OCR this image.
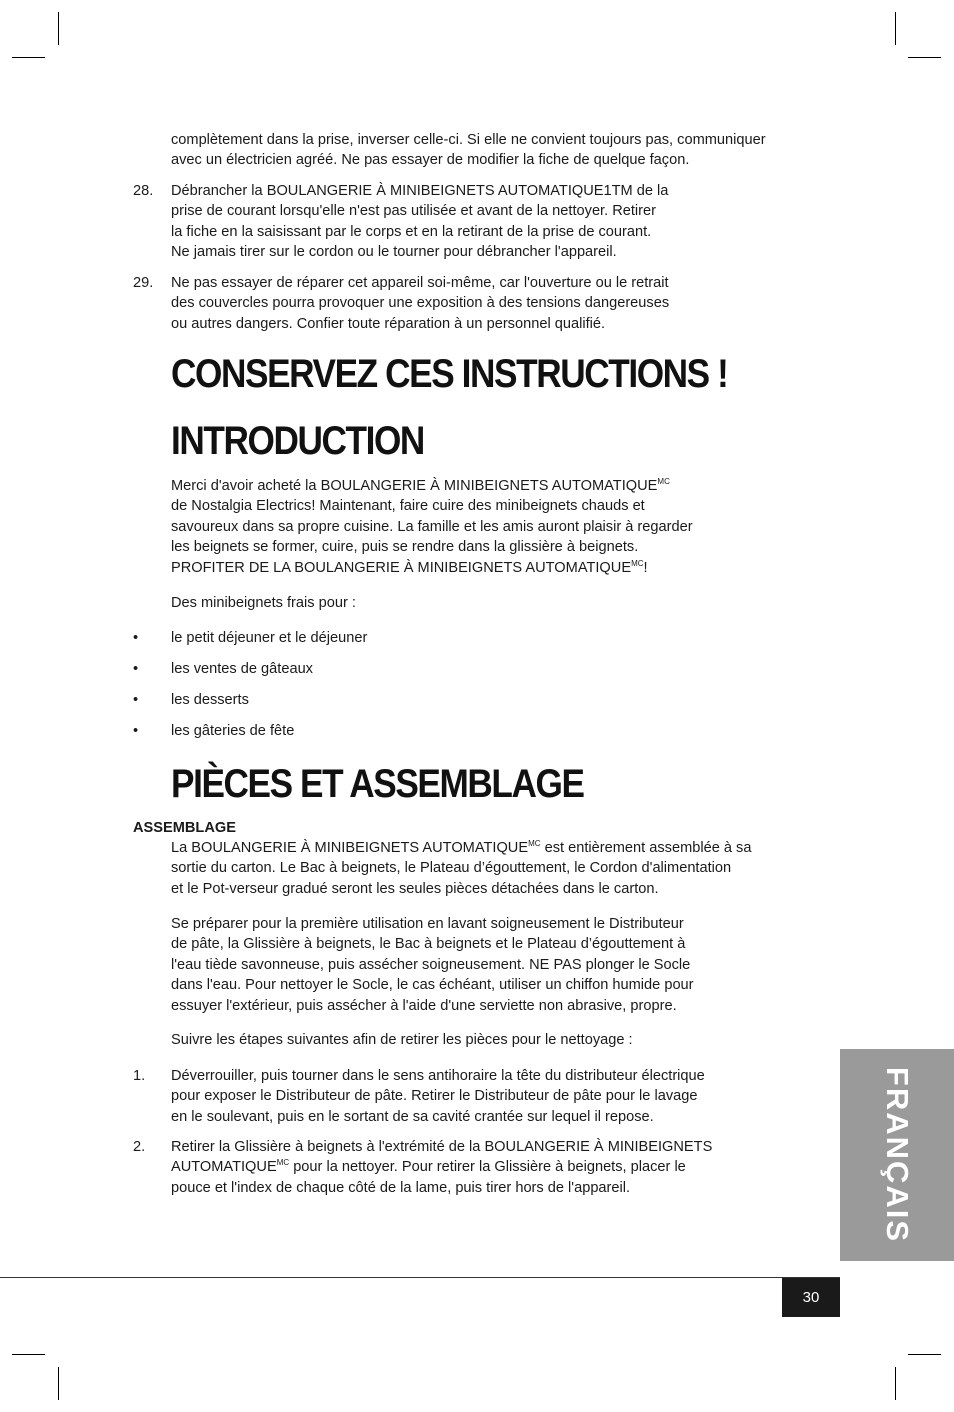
complètement dans la prise, inverser celle-ci. Si elle ne convient toujours pas, communiquer
avec un électricien agréé. Ne pas essayer de modifier la fiche de quelque façon.
28. Débrancher la BOULANGERIE À MINIBEIGNETS AUTOMATIQUE1TM de la
prise de courant lorsqu'elle n'est pas utilisée et avant de la nettoyer. Retirer
la fiche en la saisissant par le corps et en la retirant de la prise de courant.
Ne jamais tirer sur le cordon ou le tourner pour débrancher l'appareil.
29. Ne pas essayer de réparer cet appareil soi-même, car l'ouverture ou le retrait
des couvercles pourra provoquer une exposition à des tensions dangereuses
ou autres dangers. Confier toute réparation à un personnel qualifié.
CONSERVEZ CES INSTRUCTIONS !
INTRODUCTION
Merci d'avoir acheté la BOULANGERIE À MINIBEIGNETS $AUTOMATIQUE^{MC}$
de Nostalgia Electrics! Maintenant, faire cuire des minibeignets chauds et
savoureux dans sa propre cuisine. La famille et les amis auront plaisir à regarder
les beignets se former, cuire, puis se rendre dans la glissière à beignets.
PROFITER DE LA BOULANGERIE À MINIBEIGNETS $AUTOMATIQUE^{MC}$!
Des minibeignets frais pour :
• le petit déjeuner et le déjeuner
• les ventes de gâteaux
• les desserts
• les gâteries de fête
PIÈCES ET ASSEMBLAGE
ASSEMBLAGE
La BOULANGERIE À MINIBEIGNETS $AUTOMATIQUE^{MC}$ est entièrement assemblée à sa
sortie du carton. Le Bac à beignets, le Plateau d’égouttement, le Cordon d'alimentation
et le Pot-verseur gradué seront les seules pièces détachées dans le carton.
Se préparer pour la première utilisation en lavant soigneusement le Distributeur
de pâte, la Glissière à beignets, le Bac à beignets et le Plateau d’égouttement à
l'eau tiède savonneuse, puis assécher soigneusement. NE PAS plonger le Socle
dans l'eau. Pour nettoyer le Socle, le cas échéant, utiliser un chiffon humide pour
essuyer l'extérieur, puis assécher à l'aide d'une serviette non abrasive, propre.
Suivre les étapes suivantes afin de retirer les pièces pour le nettoyage :
1. Déverrouiller, puis tourner dans le sens antihoraire la tête du distributeur électrique
pour exposer le Distributeur de pâte. Retirer le Distributeur de pâte pour le lavage
en le soulevant, puis en le sortant de sa cavité crantée sur lequel il repose.
2. Retirer la Glissière à beignets à l'extrémité de la BOULANGERIE À MINIBEIGNETS
$AUTOMATIQUE^{MC}$ pour la nettoyer. Pour retirer la Glissière à beignets, placer le
pouce et l'index de chaque côté de la lame, puis tirer hors de l'appareil.	FRANÇAIS
30
